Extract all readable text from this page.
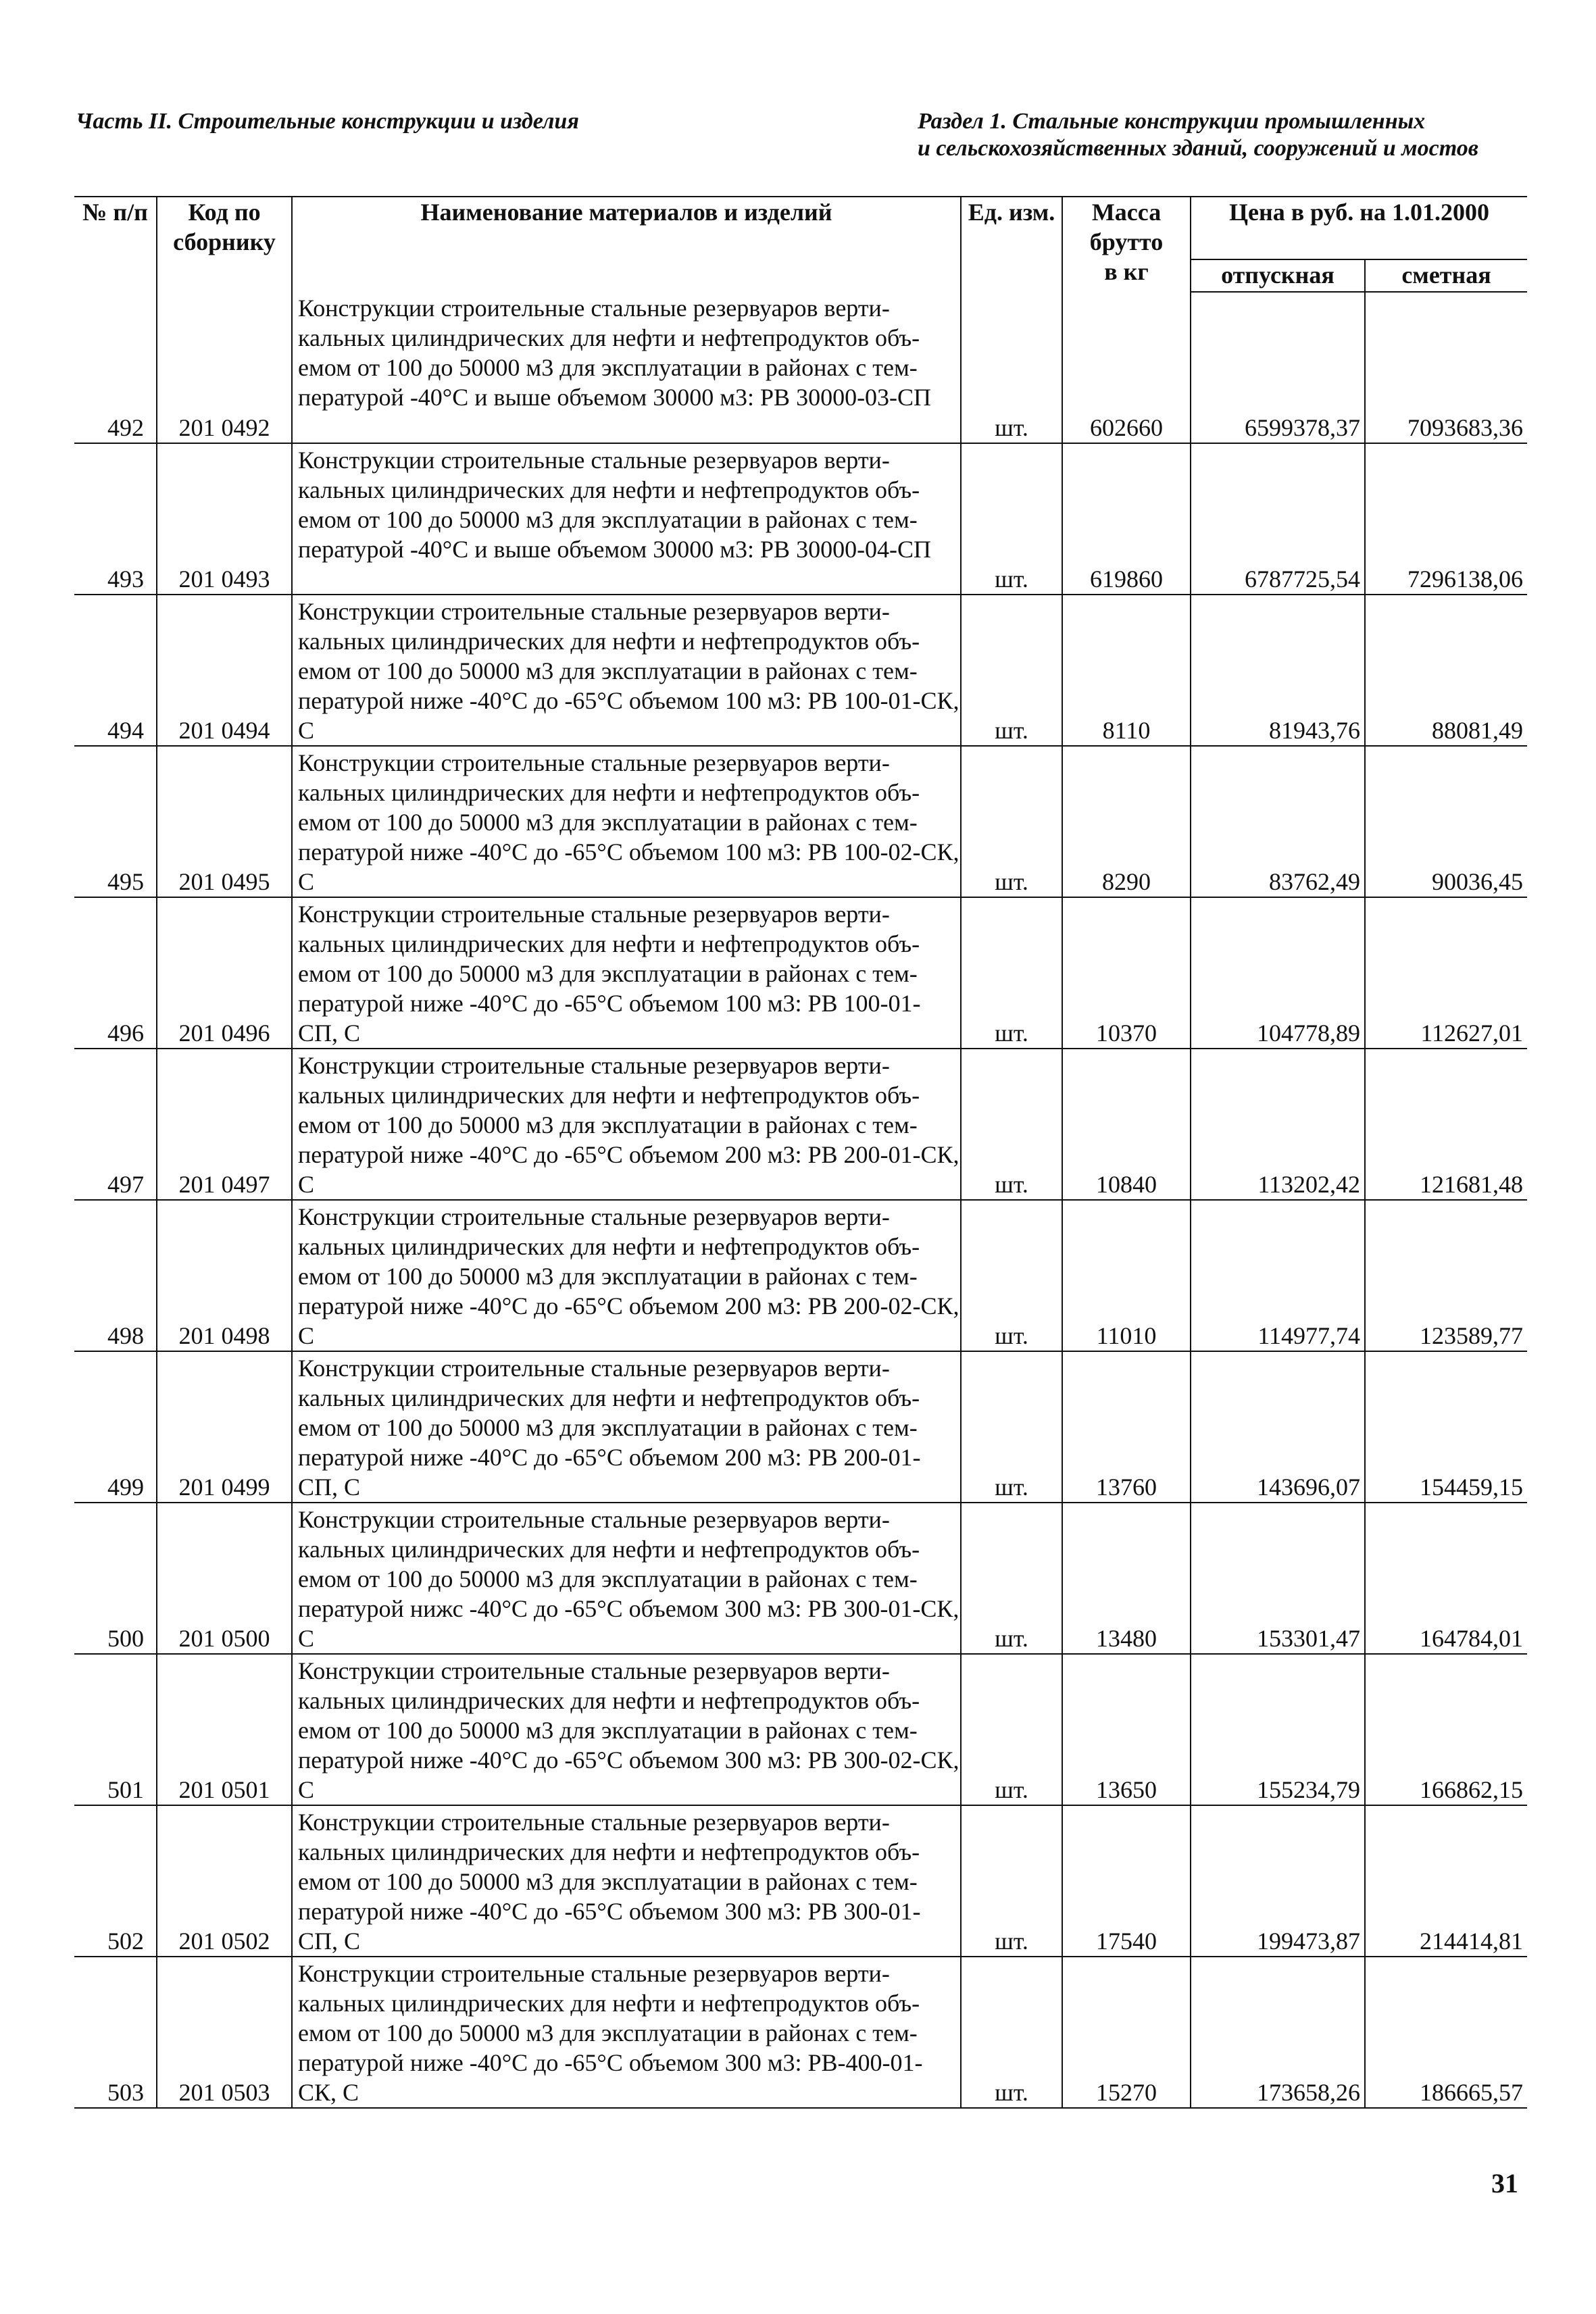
Часть II. Строительные конструкции и изделия	Раздел 1. Стальные конструкции промышленных
и сельскохозяйственных зданий, сооружений и мостов
№ п/п	Код по сборнику	Наименование материалов и изделий	Ед. изм.	Масса
брутто
в кг	Цена в руб. на 1.01.2000	
					отпускная	сметная
492	201 0492	Конструкции строительные стальные резервуаров верти-кальных цилиндрических для нефти и нефтепродуктов объ-емом от 100 до 50000 м3 для эксплуатации в районах с тем-пературой -40°С и выше объемом 30000 м3: РВ 30000-03-СП	шт.	602660	6599378,37	7093683,36
493	201 0493	Конструкции строительные стальные резервуаров верти-кальных цилиндрических для нефти и нефтепродуктов объ-емом от 100 до 50000 м3 для эксплуатации в районах с тем-пературой -40°С и выше объемом 30000 м3: РВ 30000-04-СП	шт.	619860	6787725,54	7296138,06
494	201 0494	Конструкции строительные стальные резервуаров верти-кальных цилиндрических для нефти и нефтепродуктов объ-емом от 100 до 50000 м3 для эксплуатации в районах с тем-пературой ниже -40°С до -65°С объемом 100 м3: РВ 100-01-СК, С	шт.	8110	81943,76	88081,49
495	201 0495	Конструкции строительные стальные резервуаров верти-кальных цилиндрических для нефти и нефтепродуктов объ-емом от 100 до 50000 м3 для эксплуатации в районах с тем-пературой ниже -40°С до -65°С объемом 100 м3: РВ 100-02-СК, С	шт.	8290	83762,49	90036,45
496	201 0496	Конструкции строительные стальные резервуаров верти-кальных цилиндрических для нефти и нефтепродуктов объ-емом от 100 до 50000 м3 для эксплуатации в районах с тем-пературой ниже -40°С до -65°С объемом 100 м3: РВ 100-01-СП, С	шт.	10370	104778,89	112627,01
497	201 0497	Конструкции строительные стальные резервуаров верти-кальных цилиндрических для нефти и нефтепродуктов объ-емом от 100 до 50000 м3 для эксплуатации в районах с тем-пературой ниже -40°С до -65°С объемом 200 м3: РВ 200-01-СК, С	шт.	10840	113202,42	121681,48
498	201 0498	Конструкции строительные стальные резервуаров верти-кальных цилиндрических для нефти и нефтепродуктов объ-емом от 100 до 50000 м3 для эксплуатации в районах с тем-пературой ниже -40°С до -65°С объемом 200 м3: РВ 200-02-СК, С	шт.	11010	114977,74	123589,77
499	201 0499	Конструкции строительные стальные резервуаров верти-кальных цилиндрических для нефти и нефтепродуктов объ-емом от 100 до 50000 м3 для эксплуатации в районах с тем-пературой ниже -40°С до -65°С объемом 200 м3: РВ 200-01-СП, С	шт.	13760	143696,07	154459,15
500	201 0500	Конструкции строительные стальные резервуаров верти-кальных цилиндрических для нефти и нефтепродуктов объ-емом от 100 до 50000 м3 для эксплуатации в районах с тем-пературой нижс -40°С до -65°С объемом 300 м3: РВ 300-01-СК, С	шт.	13480	153301,47	164784,01
501	201 0501	Конструкции строительные стальные резервуаров верти-кальных цилиндрических для нефти и нефтепродуктов объ-емом от 100 до 50000 м3 для эксплуатации в районах с тем-пературой ниже -40°С до -65°С объемом 300 м3: РВ 300-02-СК, С	шт.	13650	155234,79	166862,15
502	201 0502	Конструкции строительные стальные резервуаров верти-кальных цилиндрических для нефти и нефтепродуктов объ-емом от 100 до 50000 м3 для эксплуатации в районах с тем-пературой ниже -40°С до -65°С объемом 300 м3: РВ 300-01-СП, С	шт.	17540	199473,87	214414,81
503	201 0503	Конструкции строительные стальные резервуаров верти-кальных цилиндрических для нефти и нефтепродуктов объ-емом от 100 до 50000 м3 для эксплуатации в районах с тем-пературой ниже -40°С до -65°С объемом 300 м3: РВ-400-01-СК, С	шт.	15270	173658,26	186665,57
31
